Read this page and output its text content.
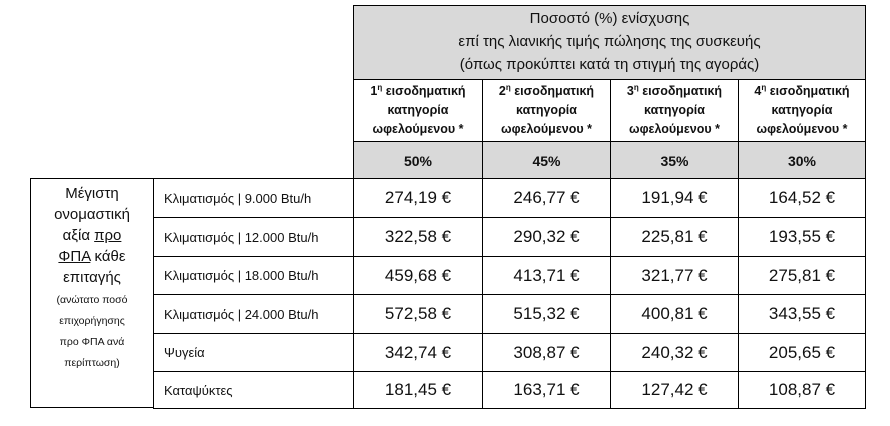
Ποσοστό (%) ενίσχυσης
επί της λιανικής τιμής πώλησης της συσκευής
(όπως προκύπτει κατά τη στιγμή της αγοράς)
$1^\eta$ εισοδηματική
κατηγορία
ωφελούμενου *
$2^\eta$ εισοδηματική
κατηγορία
ωφελούμενου *
$3^\eta$ εισοδηματική
κατηγορία
ωφελούμενου *
$4^\eta$ εισοδηματική
κατηγορία
ωφελούμενου *
50%	45%	35%	30%
Μέγιστη
ονομαστική
αξία προ
ΦΠΑ κάθε
επιταγής
(ανώτατο ποσό
επιχορήγησης
προ ΦΠΑ ανά
περίπτωση)
Κλιματισμός | 9.000 Btu/h	274,19 €	246,77 €	191,94 €	164,52 €
Κλιματισμός | 12.000 Btu/h	322,58 €	290,32 €	225,81 €	193,55 €
Κλιματισμός | 18.000 Btu/h	459,68 €	413,71 €	321,77 €	275,81 €
Κλιματισμός | 24.000 Btu/h	572,58 €	515,32 €	400,81 €	343,55 €
Ψυγεία	342,74 €	308,87 €	240,32 €	205,65 €
Καταψύκτες	181,45 €	163,71 €	127,42 €	108,87 €
